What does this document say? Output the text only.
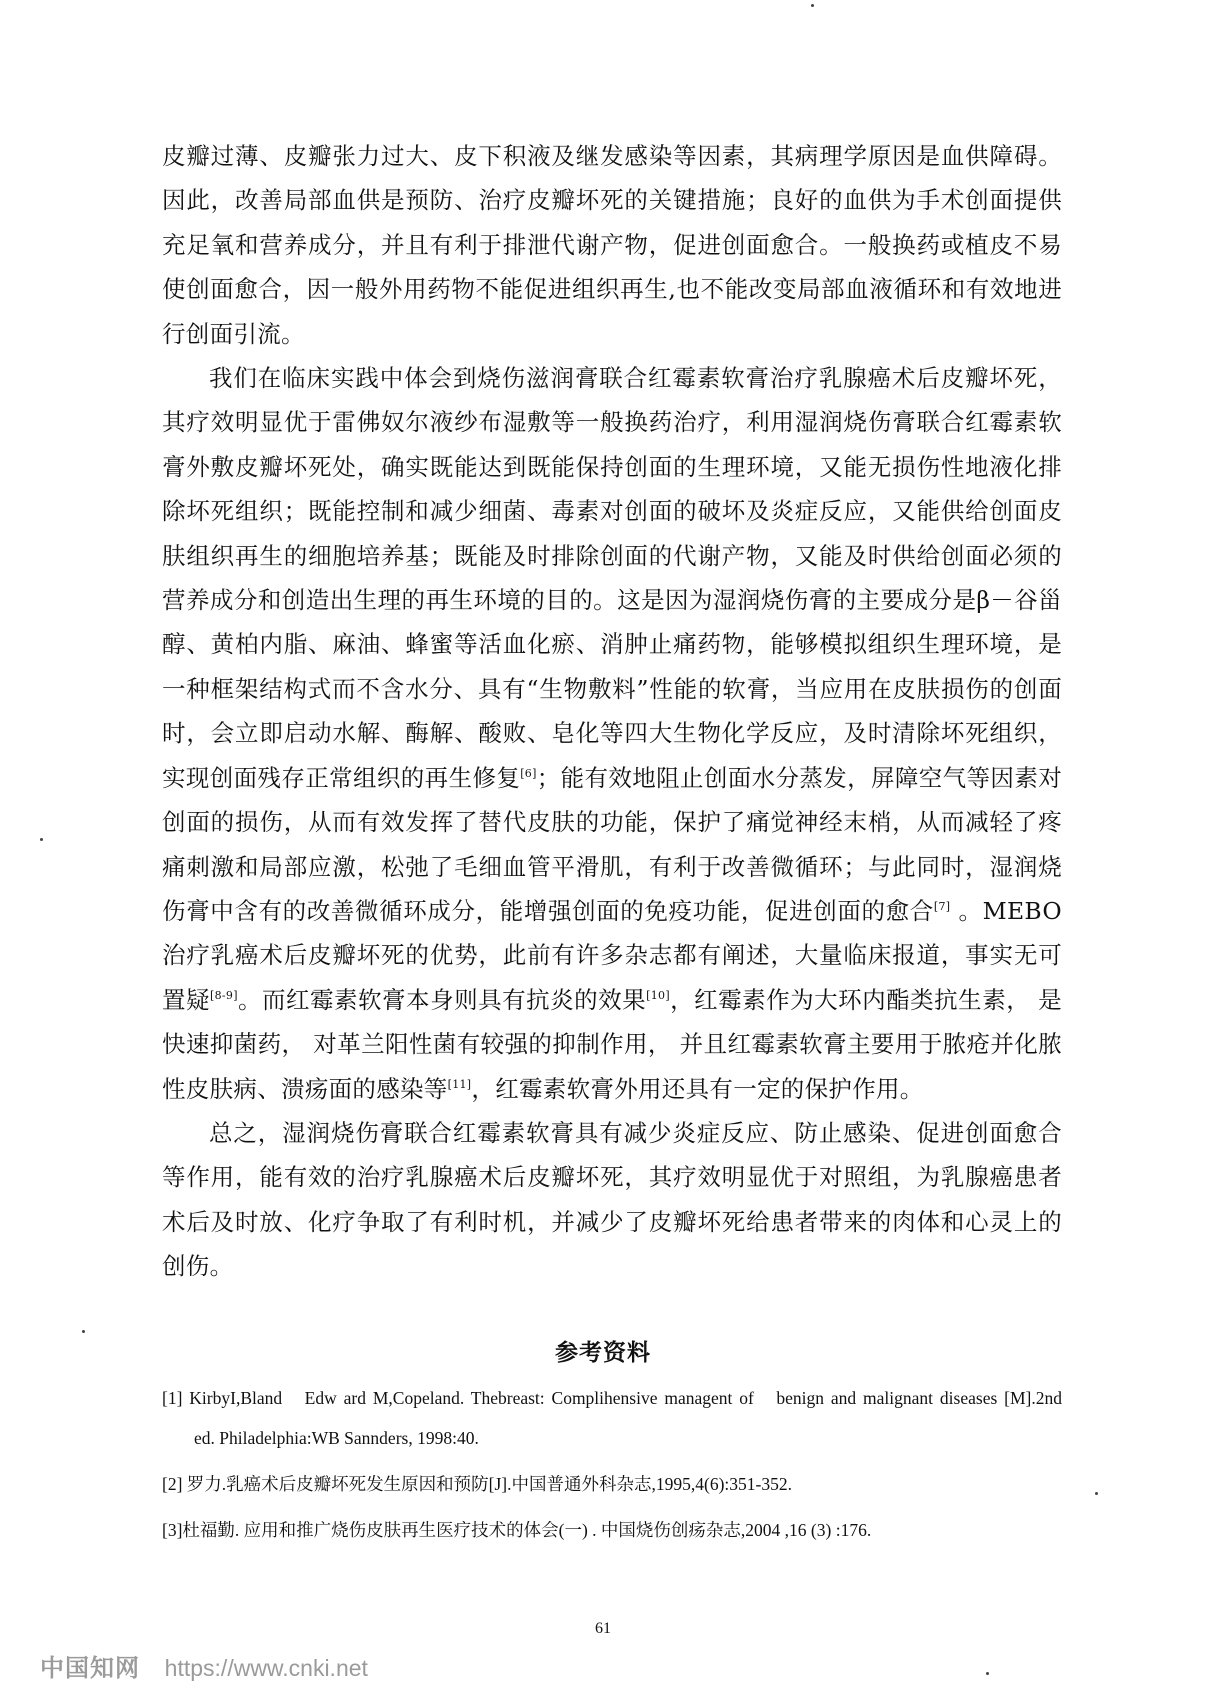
皮瓣过薄、皮瓣张力过大、皮下积液及继发感染等因素，其病理学原因是血供障碍。因此，改善局部血供是预防、治疗皮瓣坏死的关键措施；良好的血供为手术创面提供充足氧和营养成分，并且有利于排泄代谢产物，促进创面愈合。一般换药或植皮不易使创面愈合，因一般外用药物不能促进组织再生,也不能改变局部血液循环和有效地进行创面引流。

我们在临床实践中体会到烧伤滋润膏联合红霉素软膏治疗乳腺癌术后皮瓣坏死，其疗效明显优于雷佛奴尔液纱布湿敷等一般换药治疗，利用湿润烧伤膏联合红霉素软膏外敷皮瓣坏死处，确实既能达到既能保持创面的生理环境，又能无损伤性地液化排除坏死组织；既能控制和减少细菌、毒素对创面的破坏及炎症反应，又能供给创面皮肤组织再生的细胞培养基；既能及时排除创面的代谢产物，又能及时供给创面必须的营养成分和创造出生理的再生环境的目的。这是因为湿润烧伤膏的主要成分是β－谷甾醇、黄柏内脂、麻油、蜂蜜等活血化瘀、消肿止痛药物，能够模拟组织生理环境，是一种框架结构式而不含水分、具有“生物敷料”性能的软膏，当应用在皮肤损伤的创面时，会立即启动水解、酶解、酸败、皂化等四大生物化学反应，及时清除坏死组织，实现创面残存正常组织的再生修复[6]；能有效地阻止创面水分蒸发，屏障空气等因素对创面的损伤，从而有效发挥了替代皮肤的功能，保护了痛觉神经末梢，从而减轻了疼痛刺激和局部应激，松弛了毛细血管平滑肌，有利于改善微循环；与此同时，湿润烧伤膏中含有的改善微循环成分，能增强创面的免疫功能，促进创面的愈合[7] 。MEBO治疗乳癌术后皮瓣坏死的优势，此前有许多杂志都有阐述，大量临床报道，事实无可置疑[8-9]。而红霉素软膏本身则具有抗炎的效果[10]，红霉素作为大环内酯类抗生素， 是快速抑菌药， 对革兰阳性菌有较强的抑制作用， 并且红霉素软膏主要用于脓疮并化脓性皮肤病、溃疡面的感染等[11]，红霉素软膏外用还具有一定的保护作用。

总之，湿润烧伤膏联合红霉素软膏具有减少炎症反应、防止感染、促进创面愈合等作用，能有效的治疗乳腺癌术后皮瓣坏死，其疗效明显优于对照组，为乳腺癌患者术后及时放、化疗争取了有利时机，并减少了皮瓣坏死给患者带来的肉体和心灵上的创伤。

参考资料

[1] KirbyI,Bland　Edw ard M,Copeland. Thebreast: Complihensive managent of　benign and malignant diseases [M].2nd　ed. Philadelphia:WB Sannders, 1998:40.

[2] 罗力.乳癌术后皮瓣坏死发生原因和预防[J].中国普通外科杂志,1995,4(6):351-352.

[3]杜福勤. 应用和推广烧伤皮肤再生医疗技术的体会(一) . 中国烧伤创疡杂志,2004 ,16 (3) :176.

61
中国知网 https://www.cnki.net
